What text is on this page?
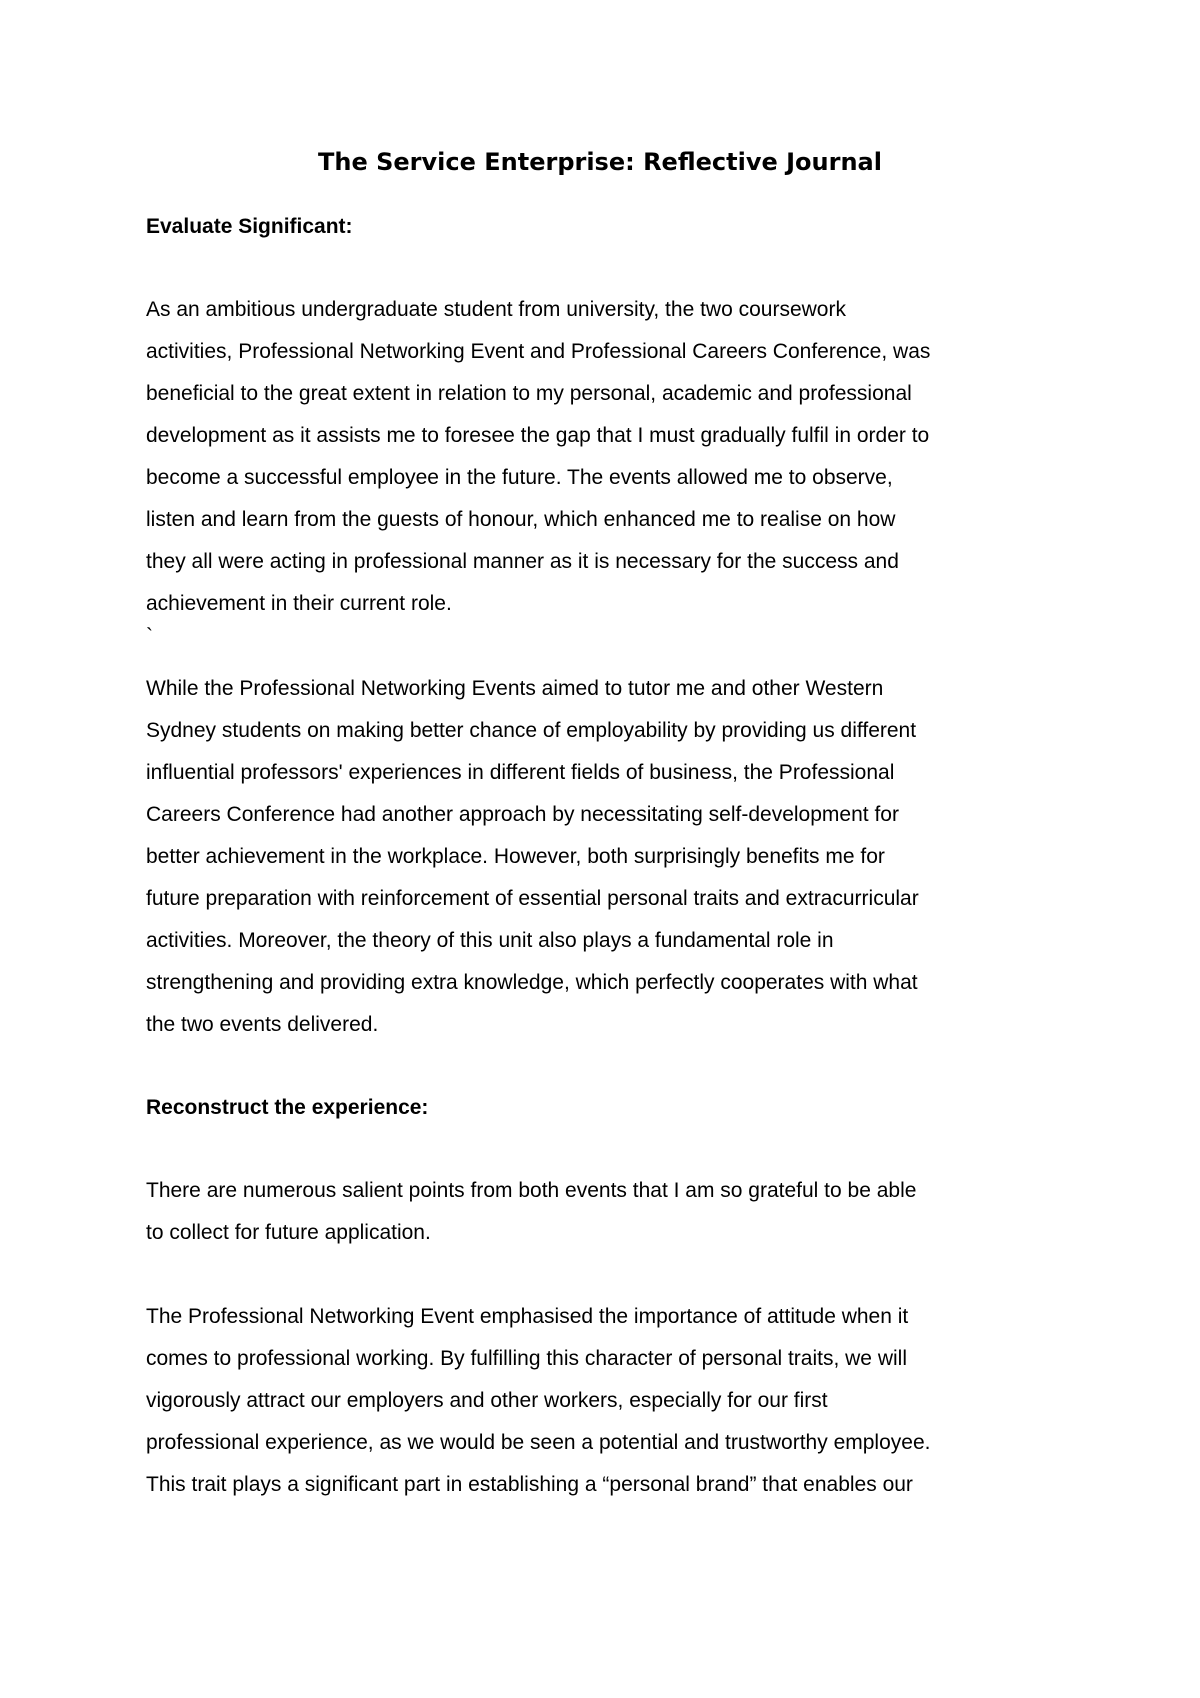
The Service Enterprise: Reflective Journal
Evaluate Significant:

As an ambitious undergraduate student from university, the two coursework
activities, Professional Networking Event and Professional Careers Conference, was
beneficial to the great extent in relation to my personal, academic and professional
development as it assists me to foresee the gap that I must gradually fulfil in order to
become a successful employee in the future. The events allowed me to observe,
listen and learn from the guests of honour, which enhanced me to realise on how
they all were acting in professional manner as it is necessary for the success and
achievement in their current role.

`

While the Professional Networking Events aimed to tutor me and other Western
Sydney students on making better chance of employability by providing us different
influential professors' experiences in different fields of business, the Professional
Careers Conference had another approach by necessitating self-development for
better achievement in the workplace. However, both surprisingly benefits me for
future preparation with reinforcement of essential personal traits and extracurricular
activities. Moreover, the theory of this unit also plays a fundamental role in
strengthening and providing extra knowledge, which perfectly cooperates with what
the two events delivered.

Reconstruct the experience:

There are numerous salient points from both events that I am so grateful to be able
to collect for future application.

The Professional Networking Event emphasised the importance of attitude when it
comes to professional working. By fulfilling this character of personal traits, we will
vigorously attract our employers and other workers, especially for our first
professional experience, as we would be seen a potential and trustworthy employee.
This trait plays a significant part in establishing a “personal brand” that enables our
